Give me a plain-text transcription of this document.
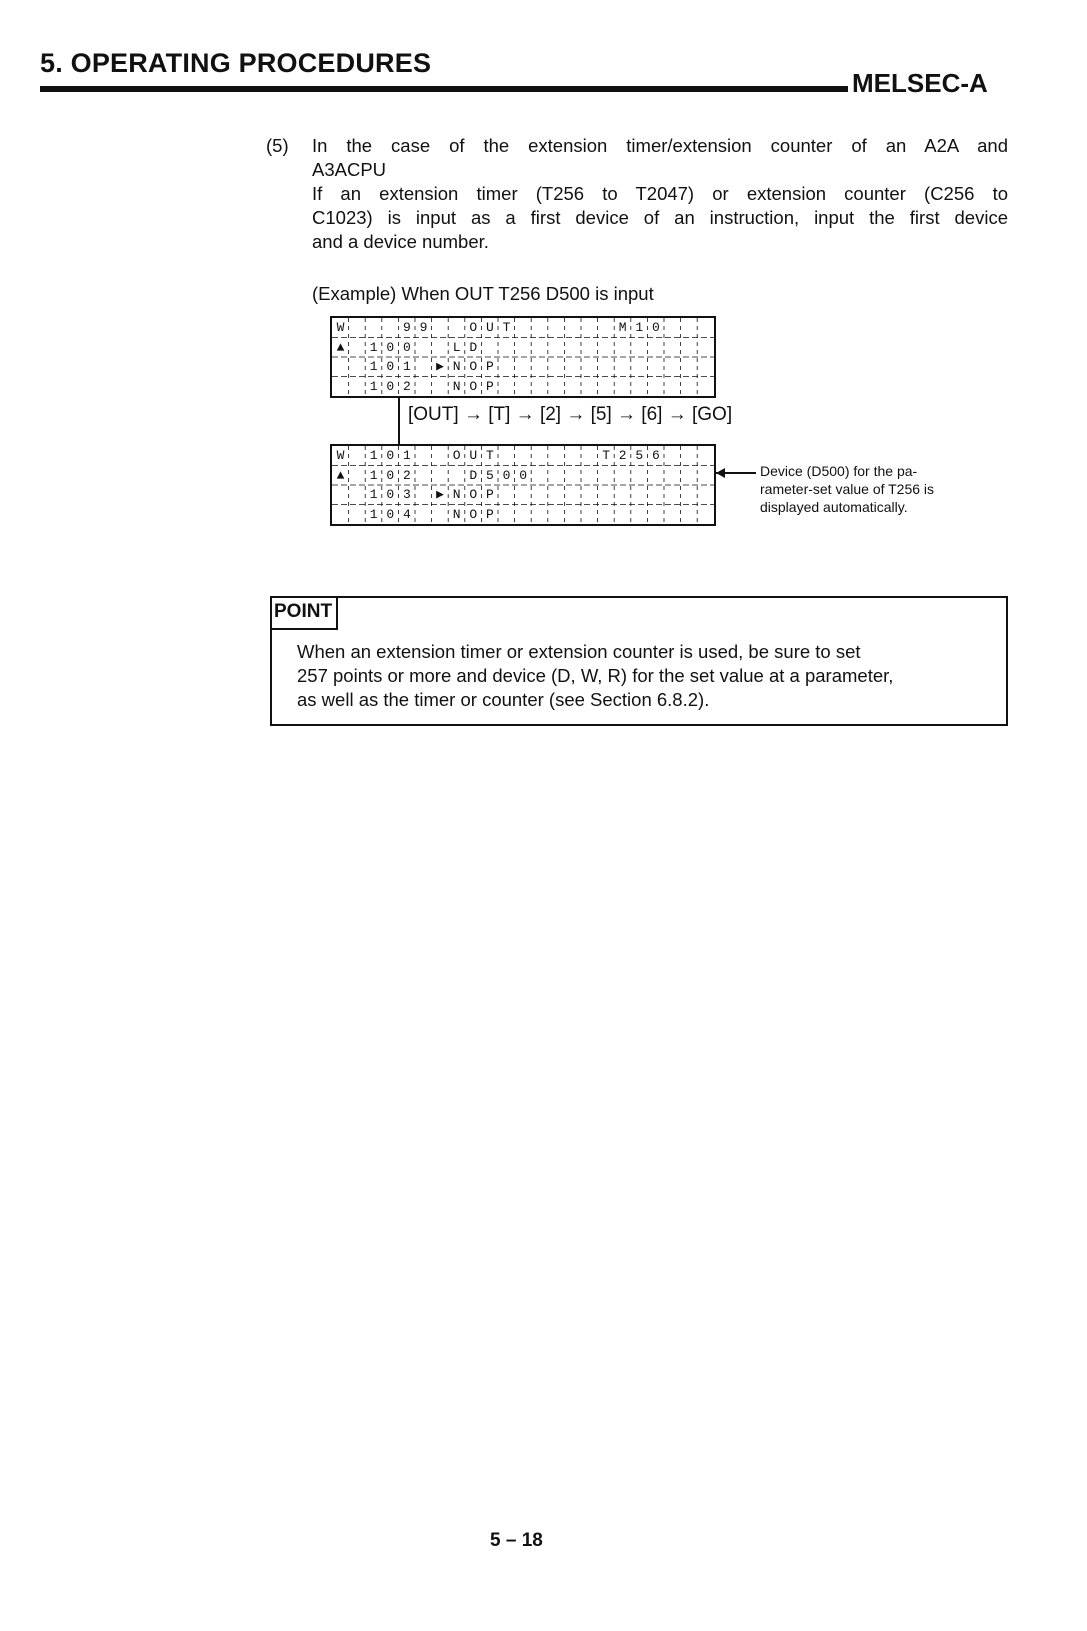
5. OPERATING PROCEDURES
MELSEC-A
(5) In the case of the extension timer/extension counter of an A2A and
A3ACPU
If an extension timer (T256 to T2047) or extension counter (C256 to
C1023) is input as a first device of an instruction, input the first device
and a device number.
(Example) When OUT T256 D500 is input
W	9 9	O U T	M 1 0
▲	1 0 0	L D
1 0 1	▶ N O P
1 0 2	N O P
[OUT] → [T] → [2] → [5] → [6] → [GO]
W	1 0 1	O U T	T 2 5 6
▲	1 0 2	D 5 0 0
1 0 3	▶ N O P
1 0 4	N O P
Device (D500) for the pa-
rameter-set value of T256 is
displayed automatically.
POINT
When an extension timer or extension counter is used, be sure to set
257 points or more and device (D, W, R) for the set value at a parameter,
as well as the timer or counter (see Section 6.8.2).
5 – 18
